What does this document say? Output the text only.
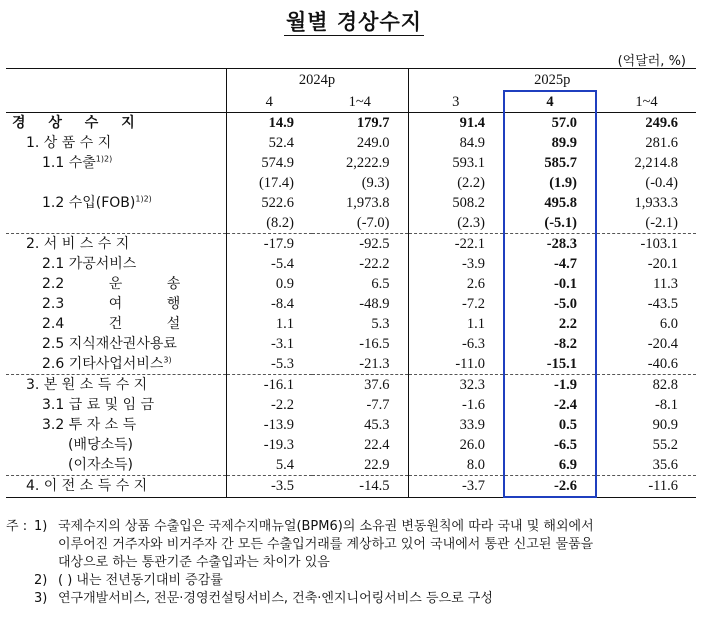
월별 경상수지
(억달러, %)
	2024p		2025p		
	4	1~4	3	4	1~4
경 상 수 지	14.9	179.7	91.4	57.0	249.6
1. 상 품 수 지	52.4	249.0	84.9	89.9	281.6
1.1 수출$^{1)2)}$	574.9	2,222.9	593.1	585.7	2,214.8
	(17.4)	(9.3)	(2.2)	(1.9)	(-0.4)
1.2 수입(FOB)$^{1)2)}$	522.6	1,973.8	508.2	495.8	1,933.3
	(8.2)	(-7.0)	(2.3)	(-5.1)	(-2.1)
2. 서 비 스 수 지	-17.9	-92.5	-22.1	-28.3	-103.1
2.1 가공서비스	-5.4	-22.2	-3.9	-4.7	-20.1
2.2 운 송	0.9	6.5	2.6	-0.1	11.3
2.3 여 행	-8.4	-48.9	-7.2	-5.0	-43.5
2.4 건 설	1.1	5.3	1.1	2.2	6.0
2.5 지식재산권사용료	-3.1	-16.5	-6.3	-8.2	-20.4
2.6 기타사업서비스$^{3)}$	-5.3	-21.3	-11.0	-15.1	-40.6
3. 본 원 소 득 수 지	-16.1	37.6	32.3	-1.9	82.8
3.1 급 료 및 임 금	-2.2	-7.7	-1.6	-2.4	-8.1
3.2 투 자 소 득	-13.9	45.3	33.9	0.5	90.9
(배당소득)	-19.3	22.4	26.0	-6.5	55.2
(이자소득)	5.4	22.9	8.0	6.9	35.6
4. 이 전 소 득 수 지	-3.5	-14.5	-3.7	-2.6	-11.6
주 : 1) 국제수지의 상품 수출입은 국제수지매뉴얼(BPM6)의 소유권 변동원칙에 따라 국내 및 해외에서
이루어진 거주자와 비거주자 간 모든 수출입거래를 계상하고 있어 국내에서 통관 신고된 물품을
대상으로 하는 통관기준 수출입과는 차이가 있음
2) ( ) 내는 전년동기대비 증감률
3) 연구개발서비스, 전문·경영컨설팅서비스, 건축·엔지니어링서비스 등으로 구성
